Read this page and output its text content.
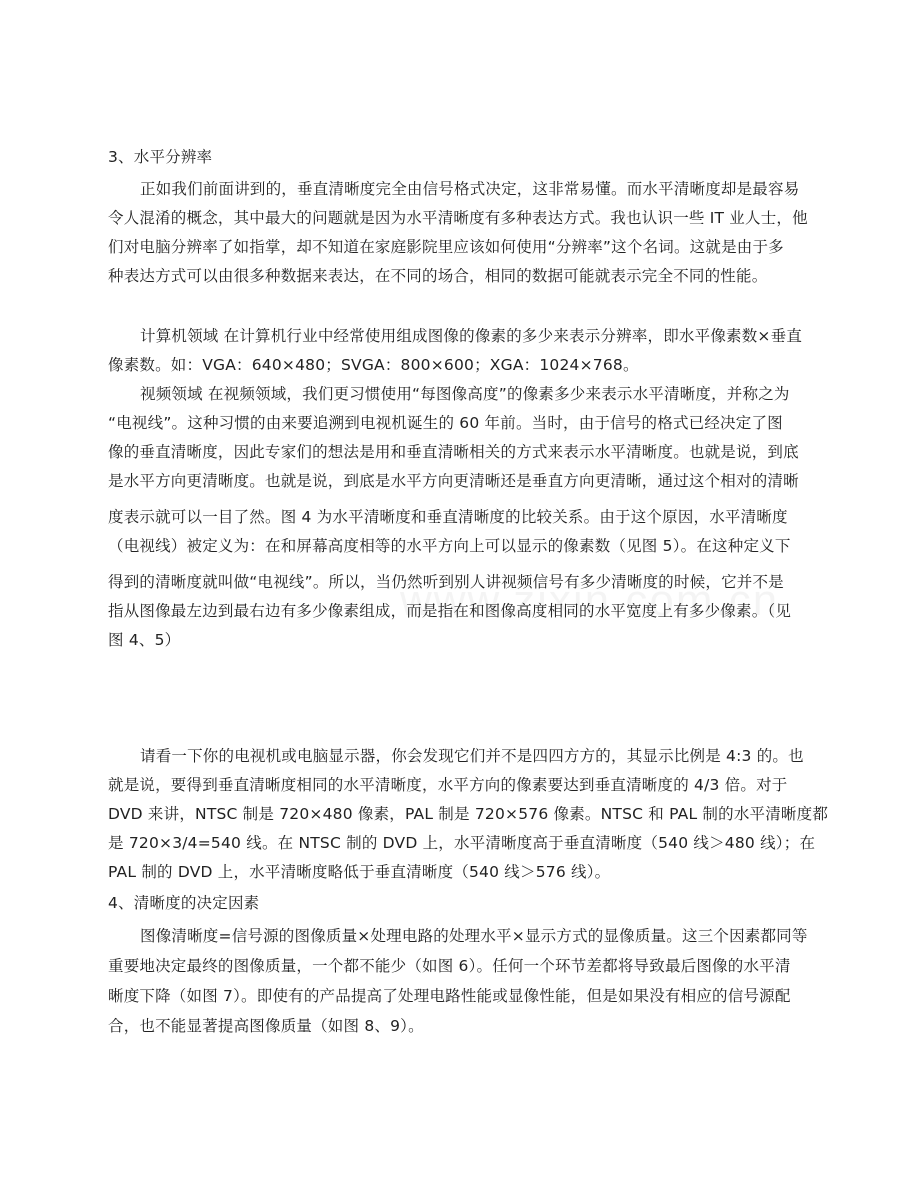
3、水平分辨率
正如我们前面讲到的，垂直清晰度完全由信号格式决定，这非常易懂。而水平清晰度却是最容易
令人混淆的概念，其中最大的问题就是因为水平清晰度有多种表达方式。我也认识一些 IT 业人士，他
们对电脑分辨率了如指掌，却不知道在家庭影院里应该如何使用“分辨率”这个名词。这就是由于多
种表达方式可以由很多种数据来表达，在不同的场合，相同的数据可能就表示完全不同的性能。
计算机领域 在计算机行业中经常使用组成图像的像素的多少来表示分辨率，即水平像素数×垂直
像素数。如：VGA：640×480；SVGA：800×600；XGA：1024×768。
视频领域 在视频领域，我们更习惯使用“每图像高度”的像素多少来表示水平清晰度，并称之为
“电视线”。这种习惯的由来要追溯到电视机诞生的 60 年前。当时，由于信号的格式已经决定了图
像的垂直清晰度，因此专家们的想法是用和垂直清晰相关的方式来表示水平清晰度。也就是说，到底
是水平方向更清晰度。也就是说，到底是水平方向更清晰还是垂直方向更清晰，通过这个相对的清晰
度表示就可以一目了然。图 4 为水平清晰度和垂直清晰度的比较关系。由于这个原因，水平清晰度
（电视线）被定义为：在和屏幕高度相等的水平方向上可以显示的像素数（见图 5）。在这种定义下
得到的清晰度就叫做“电视线”。所以，当仍然听到别人讲视频信号有多少清晰度的时候，它并不是
指从图像最左边到最右边有多少像素组成，而是指在和图像高度相同的水平宽度上有多少像素。（见
图 4、5）
请看一下你的电视机或电脑显示器，你会发现它们并不是四四方方的，其显示比例是 4:3 的。也
就是说，要得到垂直清晰度相同的水平清晰度，水平方向的像素要达到垂直清晰度的 4/3 倍。对于
DVD 来讲，NTSC 制是 720×480 像素，PAL 制是 720×576 像素。NTSC 和 PAL 制的水平清晰度都
是 720×3/4=540 线。在 NTSC 制的 DVD 上，水平清晰度高于垂直清晰度（540 线＞480 线）；在
PAL 制的 DVD 上，水平清晰度略低于垂直清晰度（540 线＞576 线）。
4、清晰度的决定因素
图像清晰度=信号源的图像质量×处理电路的处理水平×显示方式的显像质量。这三个因素都同等
重要地决定最终的图像质量，一个都不能少（如图 6）。任何一个环节差都将导致最后图像的水平清
晰度下降（如图 7）。即使有的产品提高了处理电路性能或显像性能，但是如果没有相应的信号源配
合，也不能显著提高图像质量（如图 8、9）。
